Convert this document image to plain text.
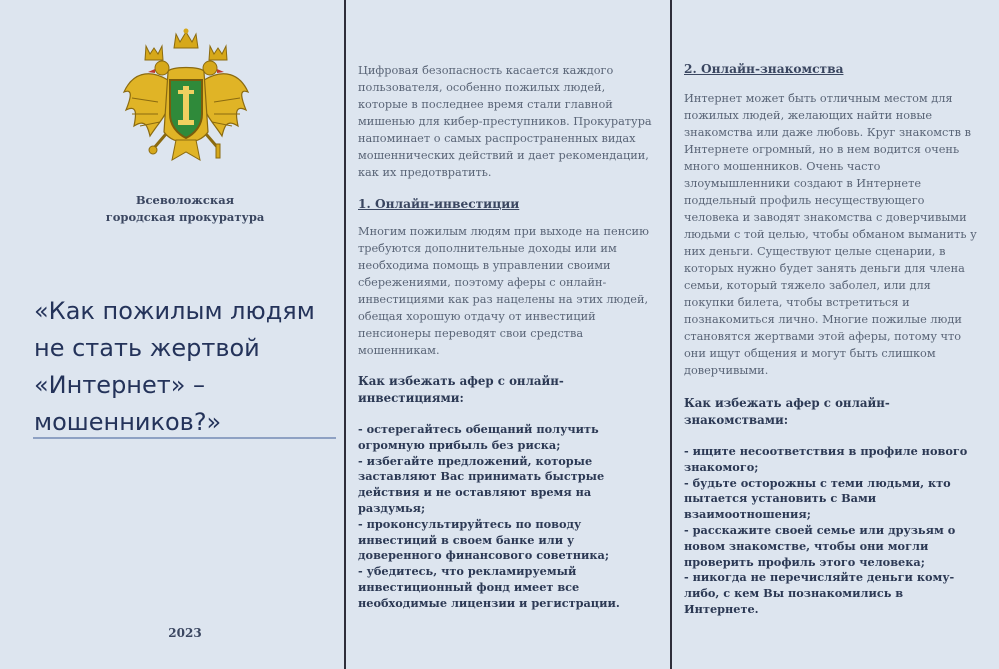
Всеволожская
городская прокуратура
«Как пожилым людям не стать жертвой «Интернет» – мошенников?»
2023

Цифровая безопасность касается каждого пользователя, особенно пожилых людей, которые в последнее время стали главной мишенью для кибер-преступников. Прокуратура напоминает о самых распространенных видах мошеннических действий и дает рекомендации, как их предотвратить.

1. Онлайн-инвестиции

Многим пожилым людям при выходе на пенсию требуются дополнительные доходы или им необходима помощь в управлении своими сбережениями, поэтому аферы с онлайн-инвестициями как раз нацелены на этих людей, обещая хорошую отдачу от инвестиций пенсионеры переводят свои средства мошенникам.

Как избежать афер с онлайн-инвестициями:

- остерегайтесь обещаний получить огромную прибыль без риска;

- избегайте предложений, которые заставляют Вас принимать быстрые действия и не оставляют время на раздумья;

- проконсультируйтесь по поводу инвестиций в своем банке или у доверенного финансового советника;

- убедитесь, что рекламируемый инвестиционный фонд имеет все необходимые лицензии и регистрации.

2. Онлайн-знакомства

Интернет может быть отличным местом для пожилых людей, желающих найти новые знакомства или даже любовь. Круг знакомств в Интернете огромный, но в нем водится очень много мошенников. Очень часто злоумышленники создают в Интернете поддельный профиль несуществующего человека и заводят знакомства с доверчивыми людьми с той целью, чтобы обманом выманить у них деньги. Существуют целые сценарии, в которых нужно будет занять деньги для члена семьи, который тяжело заболел, или для покупки билета, чтобы встретиться и познакомиться лично. Многие пожилые люди становятся жертвами этой аферы, потому что они ищут общения и могут быть слишком доверчивыми.

Как избежать афер с онлайн-знакомствами:

- ищите несоответствия в профиле нового знакомого;

- будьте осторожны с теми людьми, кто пытается установить с Вами взаимоотношения;

- расскажите своей семье или друзьям о новом знакомстве, чтобы они могли проверить профиль этого человека;

- никогда не перечисляйте деньги кому-либо, с кем Вы познакомились в Интернете.
